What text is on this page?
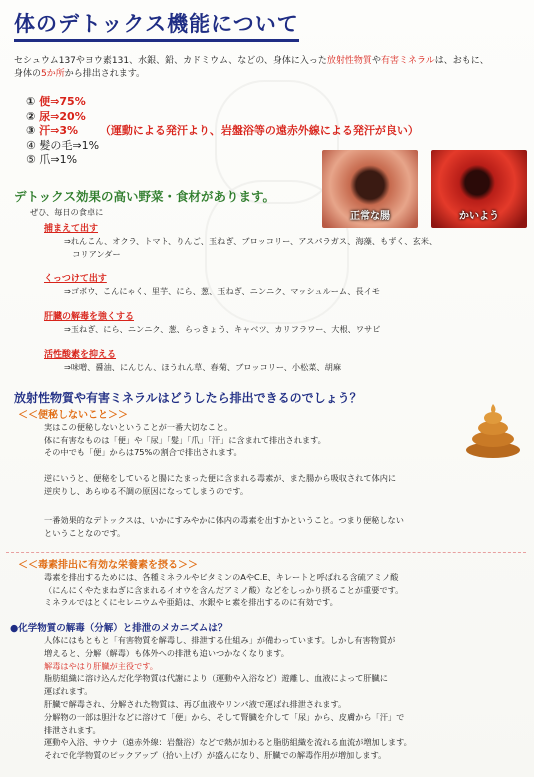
体のデトックス機能について
セシュウム137やヨウ素131、水銀、鉛、カドミウム、などの、身体に入った放射性物質や有害ミネラルは、おもに、
身体の5か所から排出されます。
① 便⇒75%
② 尿⇒20%
③ 汗⇒3% （運動による発汗より、岩盤浴等の遠赤外線による発汗が良い）
④ 髪の毛⇒1%
⑤ 爪⇒1%
正常な腸	かいよう
デトックス効果の高い野菜・食材があります。
ぜひ、毎日の食卓に
捕まえて出す
⇒れんこん、オクラ、トマト、りんご、玉ねぎ、ブロッコリー、アスパラガス、海藻、もずく、玄米、
　コリアンダー
くっつけて出す
⇒ゴボウ、こんにゃく、里芋、にら、葱、玉ねぎ、ニンニク、マッシュルーム、長イモ
肝臓の解毒を強くする
⇒玉ねぎ、にら、ニンニク、葱、らっきょう、キャベツ、カリフラワー、大根、ワサビ
活性酸素を抑える
⇒味噌、醤油、にんじん、ほうれん草、春菊、ブロッコリー、小松菜、胡麻
放射性物質や有害ミネラルはどうしたら排出できるのでしょう？
＜＜便秘しないこと＞＞
実はこの便秘しないということが一番大切なこと。
体に有害なものは「便」や「尿」「髪」「爪」「汗」に含まれて排出されます。
その中でも「便」からは75%の割合で排出されます。
逆にいうと、便秘をしていると腸にたまった便に含まれる毒素が、また腸から吸収されて体内に
逆戻りし、あらゆる不調の原因になってしまうのです。
一番効果的なデトックスは、いかにすみやかに体内の毒素を出すかということ。つまり便秘しない
ということなのです。
＜＜毒素排出に有効な栄養素を摂る＞＞
毒素を排出するためには、各種ミネラルやビタミンのAやC.E、キレートと呼ばれる含硫アミノ酸
（にんにくやたまねぎに含まれるイオウを含んだアミノ酸）などをしっかり摂ることが重要です。
ミネラルではとくにセレニウムや亜鉛は、水銀やヒ素を排出するのに有効です。
●化学物質の解毒（分解）と排泄のメカニズムは？
人体にはもともと「有害物質を解毒し、排泄する仕組み」が備わっています。しかし有害物質が
増えると、分解（解毒）も体外への排泄も追いつかなくなります。
解毒はやはり肝臓が主役です。
脂肪組織に溶け込んだ化学物質は代謝により（運動や入浴など）遊離し、血液によって肝臓に
運ばれます。
肝臓で解毒され、分解された物質は、再び血液やリンパ液で運ばれ排泄されます。
分解物の一部は胆汁などに溶けて「便」から、そして腎臓を介して「尿」から、皮膚から「汗」で
排泄されます。
運動や入浴、サウナ（遠赤外線：岩盤浴）などで熱が加わると脂肪組織を流れる血流が増加します。
それで化学物質のピックアップ（拾い上げ）が盛んになり、肝臓での解毒作用が増加します。
